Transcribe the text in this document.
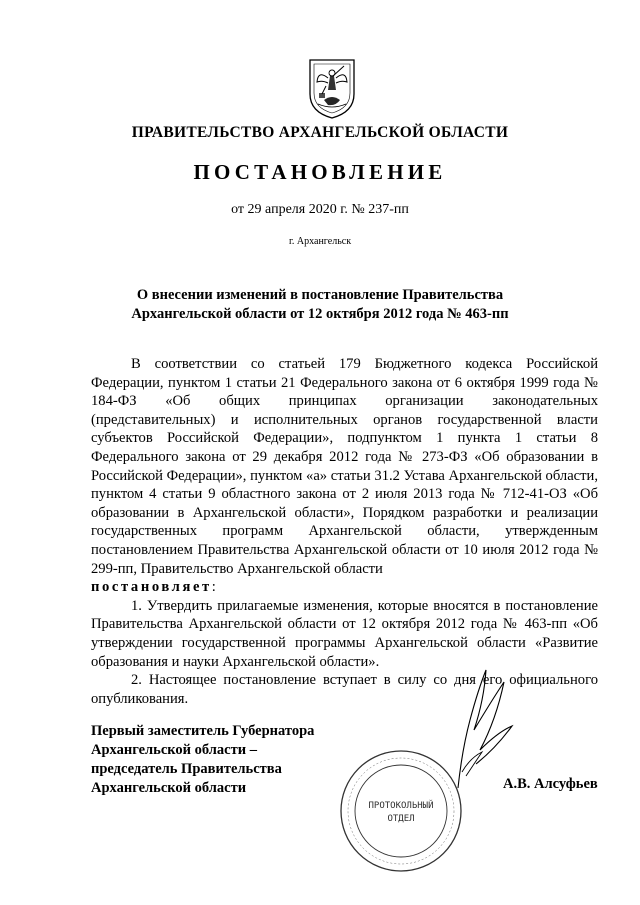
ПРАВИТЕЛЬСТВО АРХАНГЕЛЬСКОЙ ОБЛАСТИ
ПОСТАНОВЛЕНИЕ
от 29 апреля 2020 г. № 237-пп
г. Архангельск
О внесении изменений в постановление Правительства
Архангельской области от 12 октября 2012 года № 463-пп

В соответствии со статьей 179 Бюджетного кодекса Российской Федерации, пунктом 1 статьи 21 Федерального закона от 6 октября 1999 года № 184-ФЗ «Об общих принципах организации законодательных (представительных) и исполнительных органов государственной власти субъектов Российской Федерации», подпунктом 1 пункта 1 статьи 8 Федерального закона от 29 декабря 2012 года № 273-ФЗ «Об образовании в Российской Федерации», пунктом «а» статьи 31.2 Устава Архангельской области, пунктом 4 статьи 9 областного закона от 2 июля 2013 года № 712-41-ОЗ «Об образовании в Архангельской области», Порядком разработки и реализации государственных программ Архангельской области, утвержденным постановлением Правительства Архангельской области от 10 июля 2012 года № 299-пп, Правительство Архангельской области

постановляет:

1. Утвердить прилагаемые изменения, которые вносятся в постановление Правительства Архангельской области от 12 октября 2012 года № 463-пп «Об утверждении государственной программы Архангельской области «Развитие образования и науки Архангельской области».

2. Настоящее постановление вступает в силу со дня его официального опубликования.

ПРОТОКОЛЬНЫЙ
ОТДЕЛ
Первый заместитель Губернатора
Архангельской области –
председатель Правительства
Архангельской области	А.В. Алсуфьев
